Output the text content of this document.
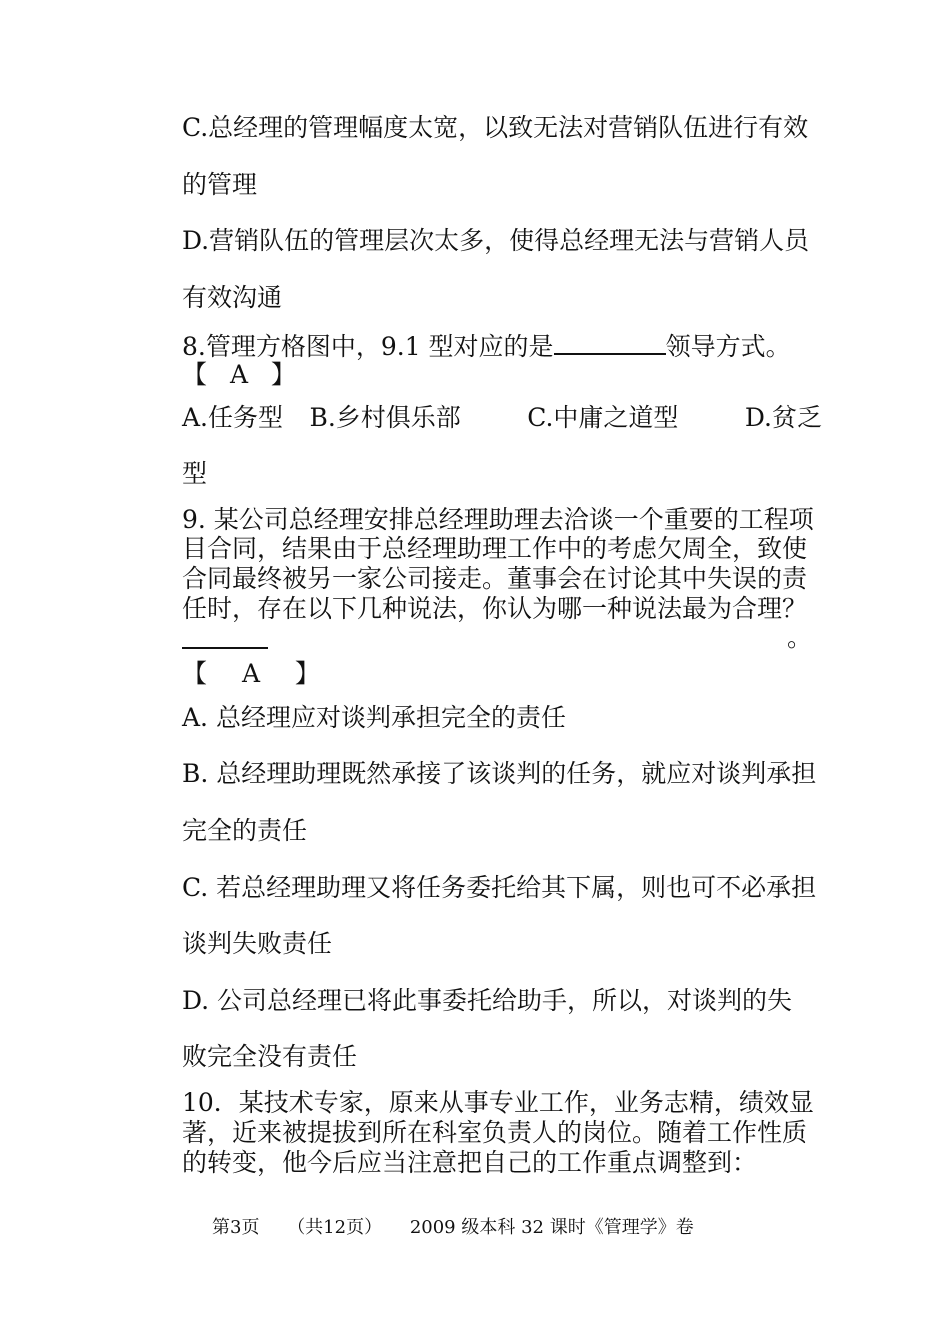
C.总经理的管理幅度太宽，以致无法对营销队伍进行有效
的管理
D.营销队伍的管理层次太多，使得总经理无法与营销人员
有效沟通
8.管理方格图中，9.1 型对应的是	领导方式。
【 A 】
A.任务型 B.乡村俱乐部	C.中庸之道型	D.贫乏
型
9. 某公司总经理安排总经理助理去洽谈一个重要的工程项
目合同，结果由于总经理助理工作中的考虑欠周全，致使
合同最终被另一家公司接走。董事会在讨论其中失误的责
任时，存在以下几种说法，你认为哪一种说法最为合理？
。
【 A 】
A. 总经理应对谈判承担完全的责任
B. 总经理助理既然承接了该谈判的任务，就应对谈判承担
完全的责任
C. 若总经理助理又将任务委托给其下属，则也可不必承担
谈判失败责任
D. 公司总经理已将此事委托给助手，所以，对谈判的失
败完全没有责任
10．某技术专家，原来从事专业工作，业务志精，绩效显
著，近来被提拔到所在科室负责人的岗位。随着工作性质
的转变，他今后应当注意把自己的工作重点调整到：
第3页 （共12页） 2009 级本科 32 课时《管理学》卷
